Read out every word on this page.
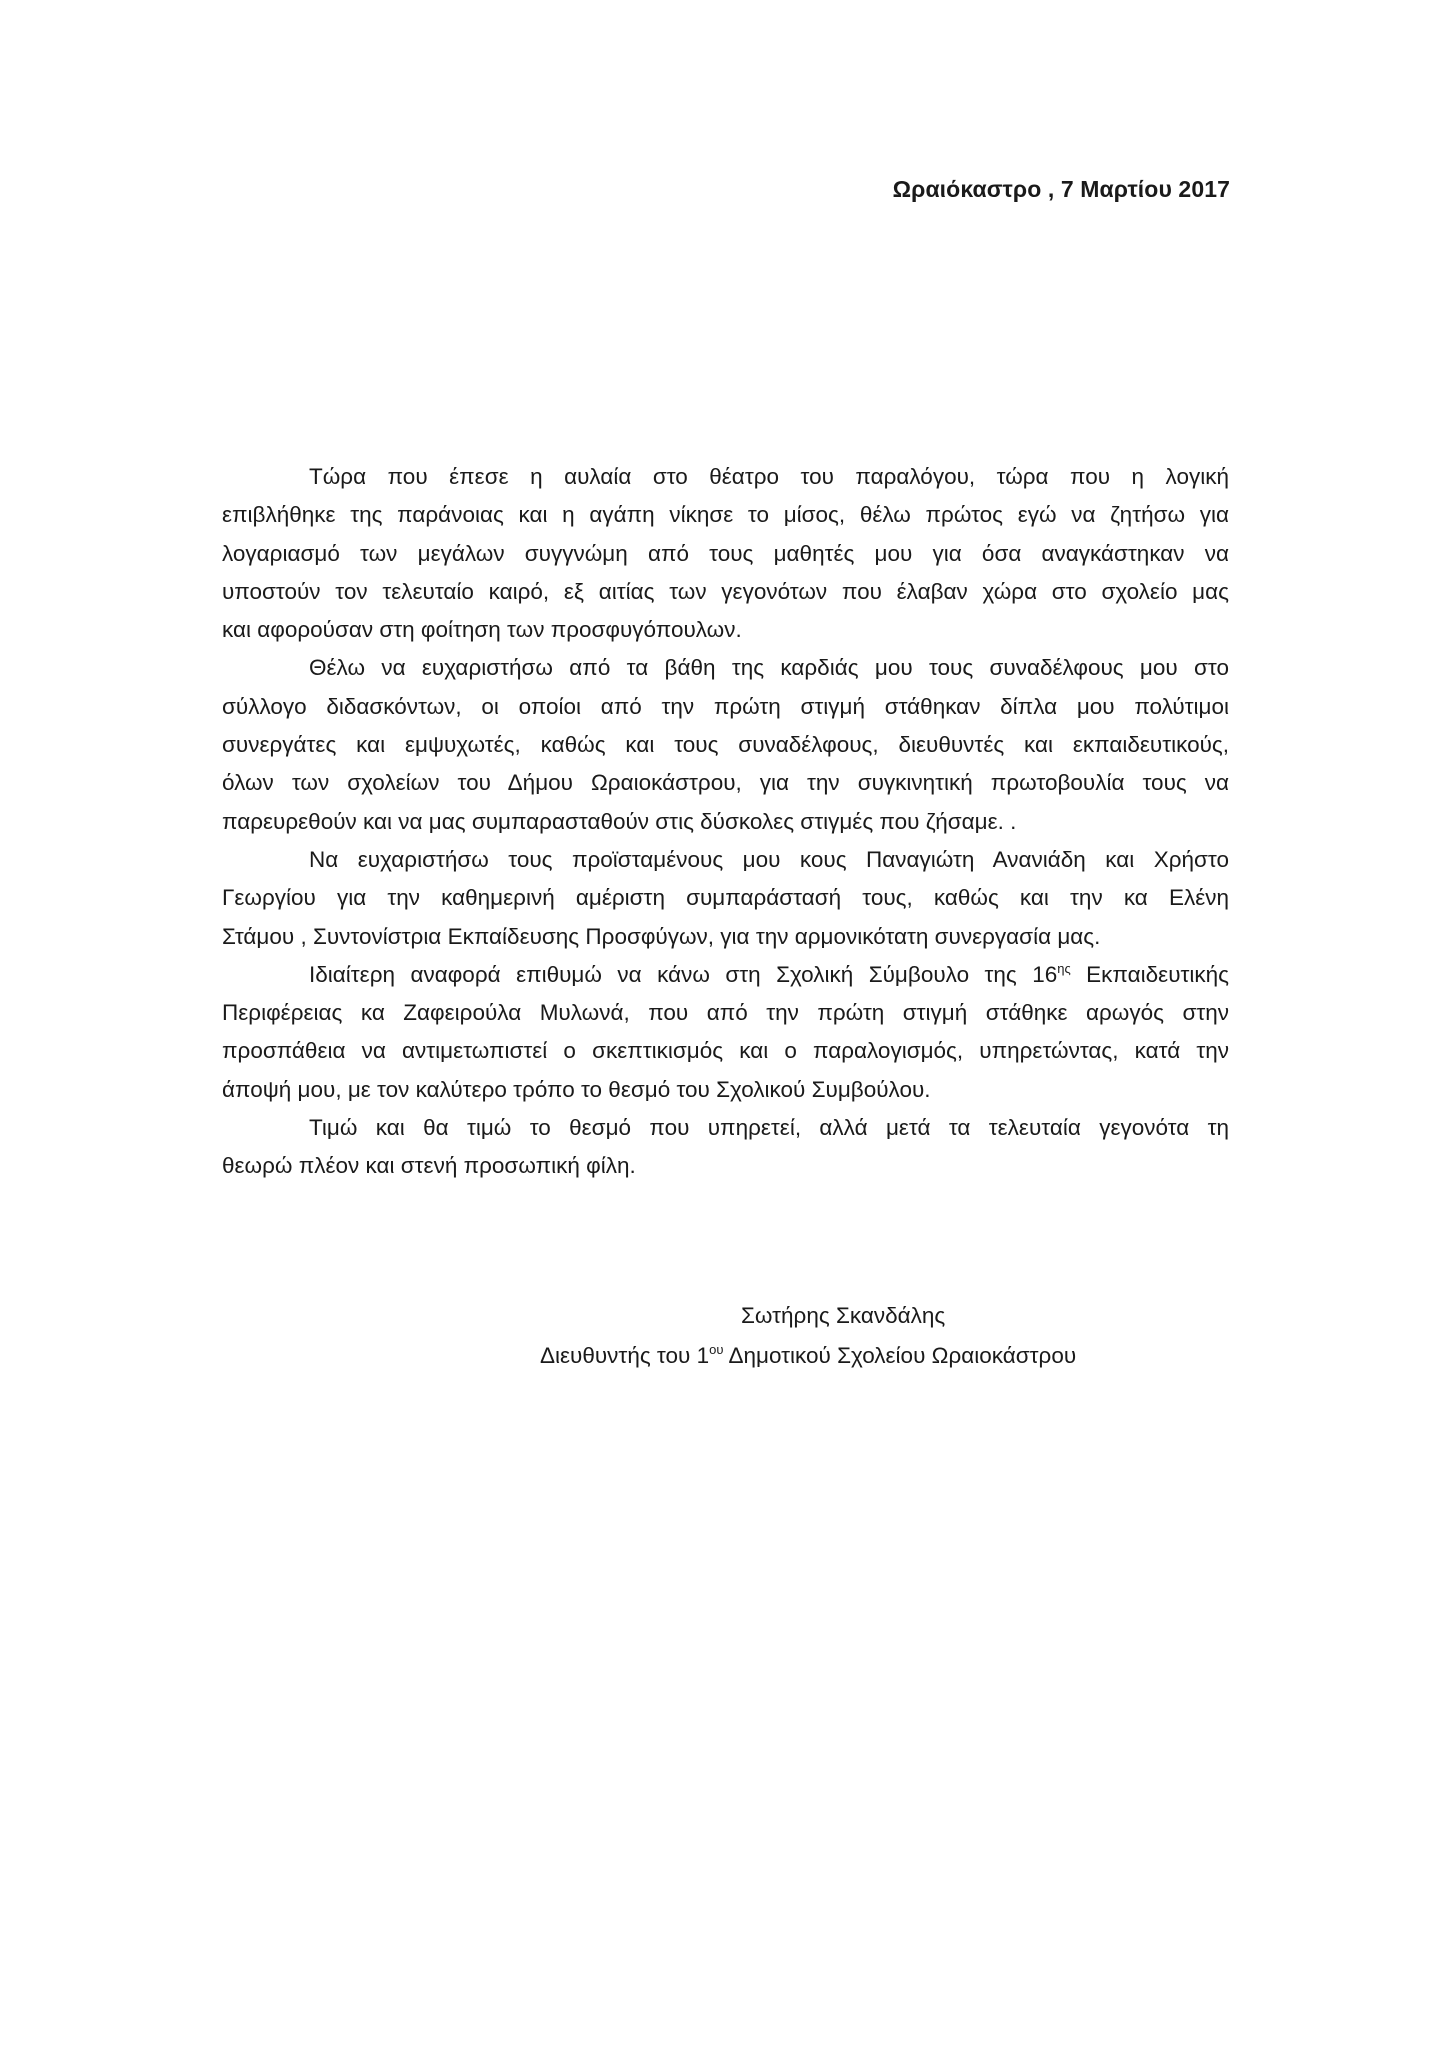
Ωραιόκαστρο , 7 Μαρτίου 2017

Τώρα που έπεσε η αυλαία στο θέατρο του παραλόγου, τώρα που η λογική
επιβλήθηκε της παράνοιας και η αγάπη νίκησε το μίσος, θέλω πρώτος εγώ να ζητήσω για
λογαριασμό των μεγάλων συγγνώμη από τους μαθητές μου για όσα αναγκάστηκαν να
υποστούν τον τελευταίο καιρό, εξ αιτίας των γεγονότων που έλαβαν χώρα στο σχολείο μας
και αφορούσαν στη φοίτηση των προσφυγόπουλων.

Θέλω να ευχαριστήσω από τα βάθη της καρδιάς μου τους συναδέλφους μου στο
σύλλογο διδασκόντων, οι οποίοι από την πρώτη στιγμή στάθηκαν δίπλα μου πολύτιμοι
συνεργάτες και εμψυχωτές, καθώς και τους συναδέλφους, διευθυντές και εκπαιδευτικούς,
όλων των σχολείων του Δήμου Ωραιοκάστρου, για την συγκινητική πρωτοβουλία τους να
παρευρεθούν και να μας συμπαρασταθούν στις δύσκολες στιγμές που ζήσαμε. .

Να ευχαριστήσω τους προϊσταμένους μου κους Παναγιώτη Ανανιάδη και Χρήστο
Γεωργίου για την καθημερινή αμέριστη συμπαράστασή τους, καθώς και την κα Ελένη
Στάμου , Συντονίστρια Εκπαίδευσης Προσφύγων, για την αρμονικότατη συνεργασία μας.

Ιδιαίτερη αναφορά επιθυμώ να κάνω στη Σχολική Σύμβουλο της $16^{\eta\varsigma}$ Εκπαιδευτικής
Περιφέρειας κα Ζαφειρούλα Μυλωνά, που από την πρώτη στιγμή στάθηκε αρωγός στην
προσπάθεια να αντιμετωπιστεί ο σκεπτικισμός και ο παραλογισμός, υπηρετώντας, κατά την
άποψή μου, με τον καλύτερο τρόπο το θεσμό του Σχολικού Συμβούλου.

Τιμώ και θα τιμώ το θεσμό που υπηρετεί, αλλά μετά τα τελευταία γεγονότα τη
θεωρώ πλέον και στενή προσωπική φίλη.

Σωτήρης Σκανδάλης
Διευθυντής του $1^{o\upsilon}$ Δημοτικού Σχολείου Ωραιοκάστρου
